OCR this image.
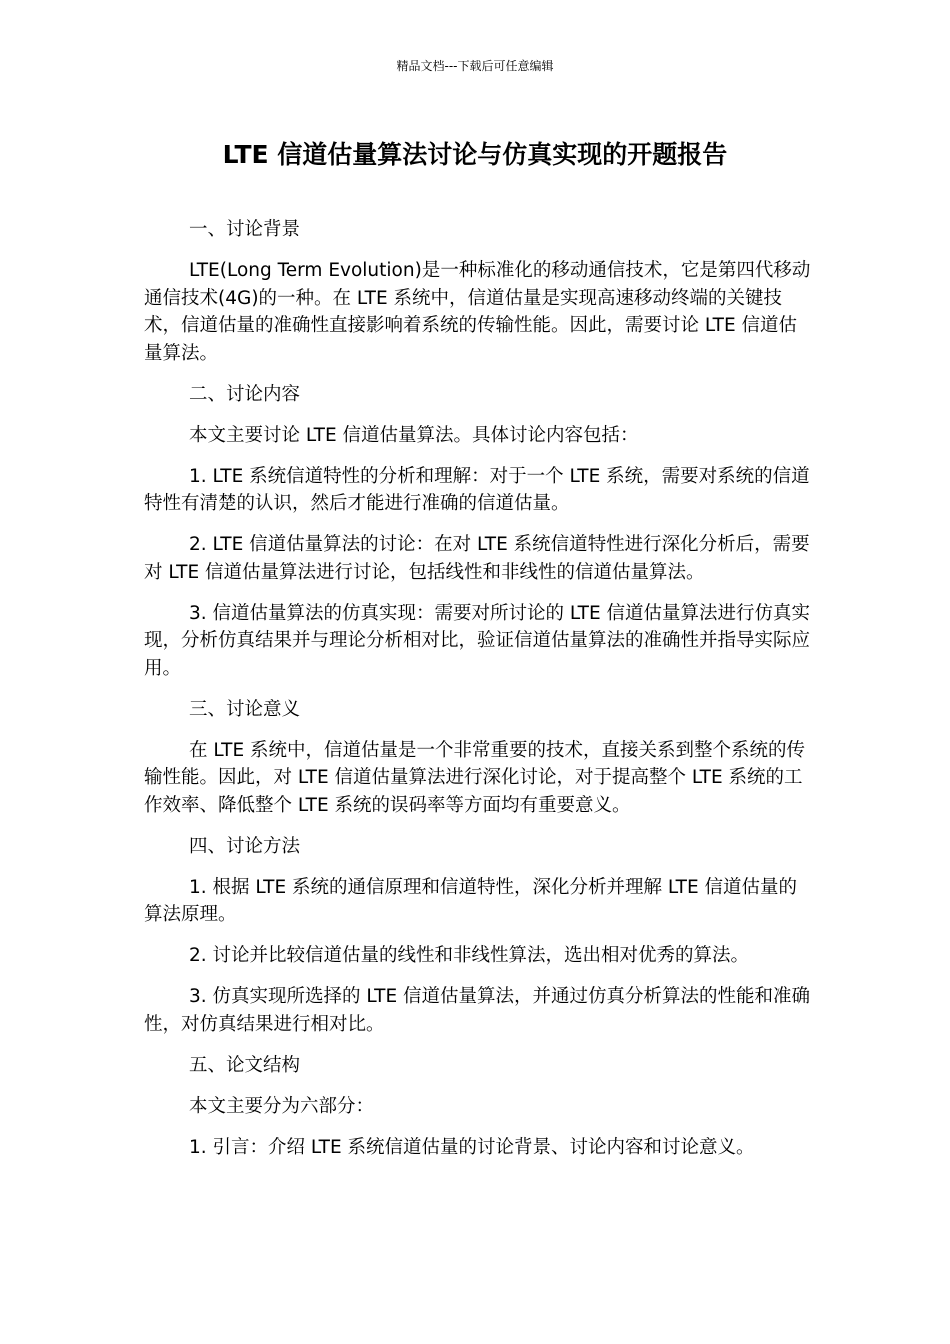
精品文档---下载后可任意编辑
LTE 信道估量算法讨论与仿真实现的开题报告

一、讨论背景

LTE(Long Term Evolution)是一种标准化的移动通信技术，它是第四代移动通信技术(4G)的一种。在 LTE 系统中，信道估量是实现高速移动终端的关键技术，信道估量的准确性直接影响着系统的传输性能。因此，需要讨论 LTE 信道估量算法。

二、讨论内容

本文主要讨论 LTE 信道估量算法。具体讨论内容包括：

1. LTE 系统信道特性的分析和理解：对于一个 LTE 系统，需要对系统的信道特性有清楚的认识，然后才能进行准确的信道估量。

2. LTE 信道估量算法的讨论：在对 LTE 系统信道特性进行深化分析后，需要对 LTE 信道估量算法进行讨论，包括线性和非线性的信道估量算法。

3. 信道估量算法的仿真实现：需要对所讨论的 LTE 信道估量算法进行仿真实现，分析仿真结果并与理论分析相对比，验证信道估量算法的准确性并指导实际应用。

三、讨论意义

在 LTE 系统中，信道估量是一个非常重要的技术，直接关系到整个系统的传输性能。因此，对 LTE 信道估量算法进行深化讨论，对于提高整个 LTE 系统的工作效率、降低整个 LTE 系统的误码率等方面均有重要意义。

四、讨论方法

1. 根据 LTE 系统的通信原理和信道特性，深化分析并理解 LTE 信道估量的算法原理。

2. 讨论并比较信道估量的线性和非线性算法，选出相对优秀的算法。

3. 仿真实现所选择的 LTE 信道估量算法，并通过仿真分析算法的性能和准确性，对仿真结果进行相对比。

五、论文结构

本文主要分为六部分：

1. 引言：介绍 LTE 系统信道估量的讨论背景、讨论内容和讨论意义。
